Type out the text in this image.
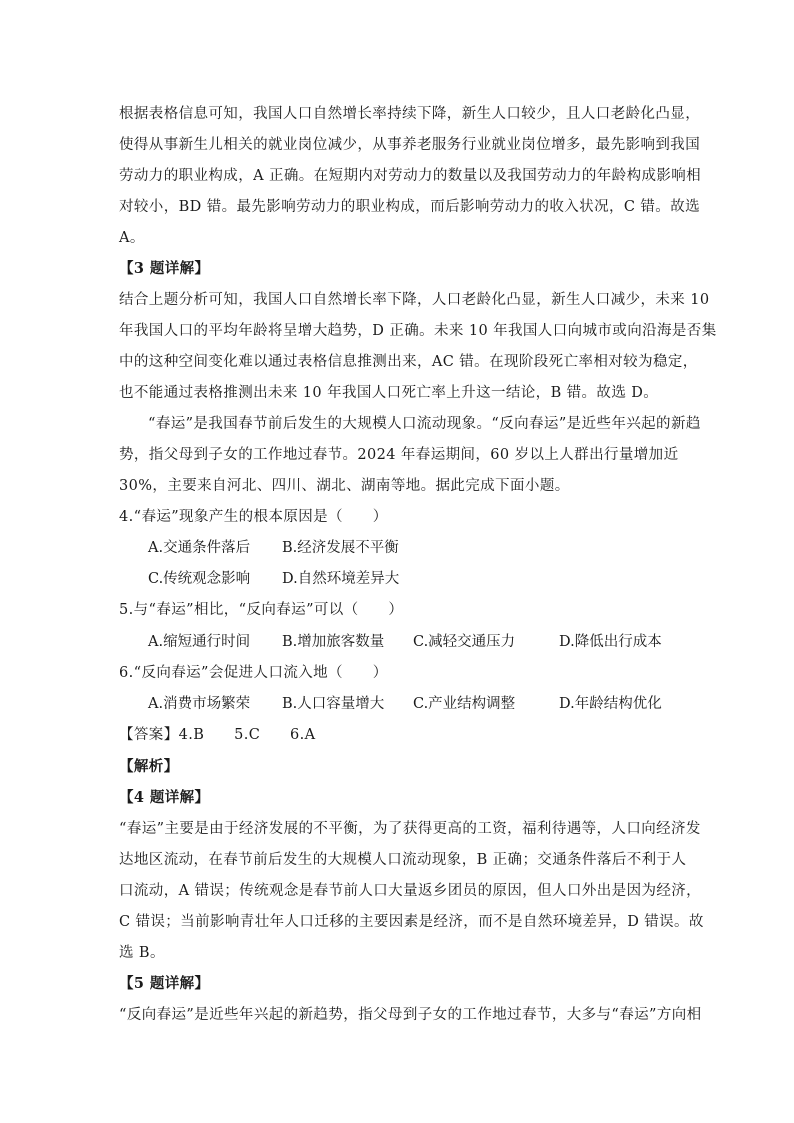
根据表格信息可知，我国人口自然增长率持续下降，新生人口较少，且人口老龄化凸显，
使得从事新生儿相关的就业岗位减少，从事养老服务行业就业岗位增多，最先影响到我国
劳动力的职业构成，A 正确。在短期内对劳动力的数量以及我国劳动力的年龄构成影响相
对较小，BD 错。最先影响劳动力的职业构成，而后影响劳动力的收入状况，C 错。故选
A。
【3 题详解】
结合上题分析可知，我国人口自然增长率下降，人口老龄化凸显，新生人口减少，未来 10
年我国人口的平均年龄将呈增大趋势，D 正确。未来 10 年我国人口向城市或向沿海是否集
中的这种空间变化难以通过表格信息推测出来，AC 错。在现阶段死亡率相对较为稳定，
也不能通过表格推测出未来 10 年我国人口死亡率上升这一结论，B 错。故选 D。
“春运”是我国春节前后发生的大规模人口流动现象。“反向春运”是近些年兴起的新趋
势，指父母到子女的工作地过春节。2024 年春运期间，60 岁以上人群出行量增加近
30%，主要来自河北、四川、湖北、湖南等地。据此完成下面小题。
4.“春运”现象产生的根本原因是（　　）
A.交通条件落后 B.经济发展不平衡
C.传统观念影响 D.自然环境差异大
5.与“春运”相比，“反向春运”可以（　　）
A.缩短通行时间 B.增加旅客数量 C.减轻交通压力	D.降低出行成本
6.“反向春运”会促进人口流入地（　　）
A.消费市场繁荣 B.人口容量增大 C.产业结构调整	D.年龄结构优化
【答案】4.B　　5.C　　6.A
【解析】
【4 题详解】
“春运”主要是由于经济发展的不平衡，为了获得更高的工资，福利待遇等，人口向经济发
达地区流动，在春节前后发生的大规模人口流动现象，B 正确；交通条件落后不利于人
口流动，A 错误；传统观念是春节前人口大量返乡团员的原因，但人口外出是因为经济，
C 错误；当前影响青壮年人口迁移的主要因素是经济，而不是自然环境差异，D 错误。故
选 B。
【5 题详解】
“反向春运”是近些年兴起的新趋势，指父母到子女的工作地过春节，大多与“春运”方向相
